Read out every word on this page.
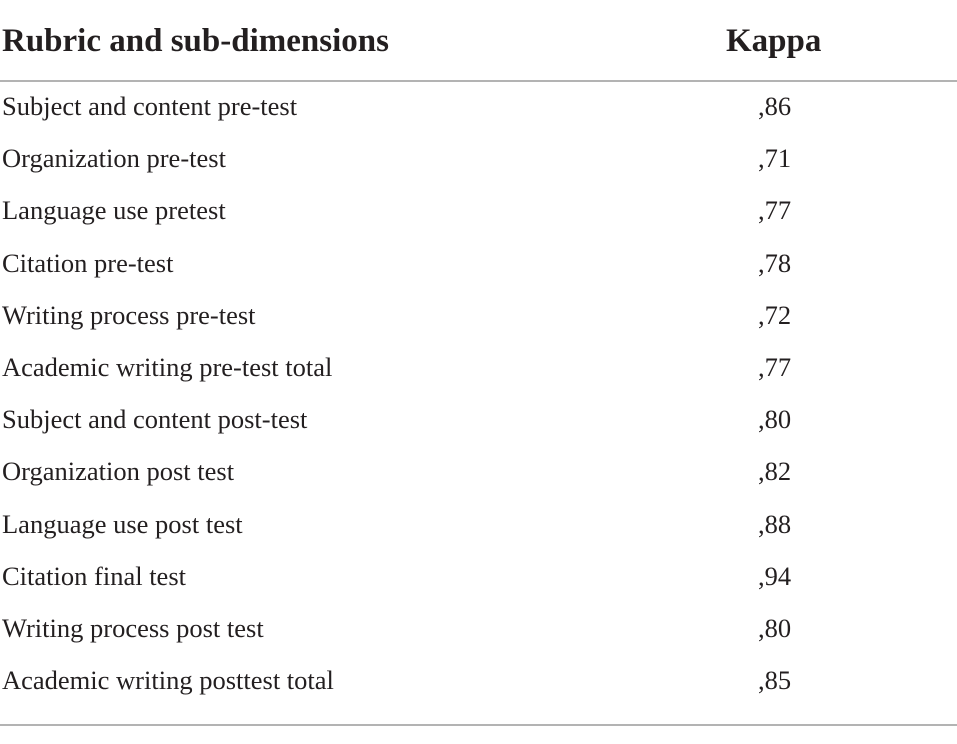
Rubric and sub-dimensions	Kappa
Subject and content pre-test	,86
Organization pre-test	,71
Language use pretest	,77
Citation pre-test	,78
Writing process pre-test	,72
Academic writing pre-test total	,77
Subject and content post-test	,80
Organization post test	,82
Language use post test	,88
Citation final test	,94
Writing process post test	,80
Academic writing posttest total	,85
